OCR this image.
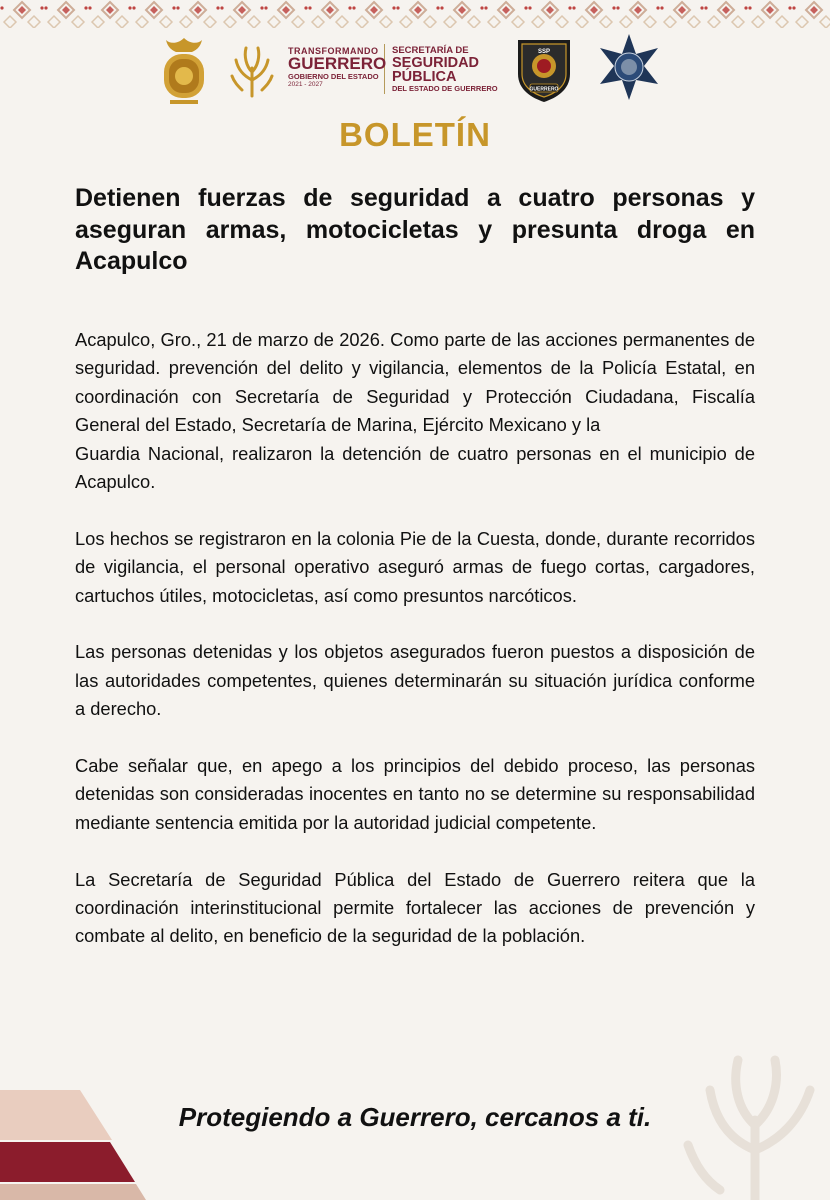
TRANSFORMANDO
GUERRERO
GOBIERNO DEL ESTADO
2021 - 2027
SECRETARÍA DE
SEGURIDAD
PÚBLICA
DEL ESTADO DE GUERRERO
SSP
GUERRERO
BOLETÍN
Detienen fuerzas de seguridad a cuatro personas y aseguran armas, motocicletas y presunta droga en Acapulco

Acapulco, Gro., 21 de marzo de 2026. Como parte de las acciones permanentes de seguridad. prevención del delito y vigilancia, elementos de la Policía Estatal, en coordinación con Secretaría de Seguridad y Protección Ciudadana, Fiscalía General del Estado, Secretaría de Marina, Ejército Mexicano y la
Guardia Nacional, realizaron la detención de cuatro personas en el municipio de Acapulco.

Los hechos se registraron en la colonia Pie de la Cuesta, donde, durante recorridos de vigilancia, el personal operativo aseguró armas de fuego cortas, cargadores, cartuchos útiles, motocicletas, así como presuntos narcóticos.

Las personas detenidas y los objetos asegurados fueron puestos a disposición de las autoridades competentes, quienes determinarán su situación jurídica conforme a derecho.

Cabe señalar que, en apego a los principios del debido proceso, las personas detenidas son consideradas inocentes en tanto no se determine su responsabilidad mediante sentencia emitida por la autoridad judicial competente.

La Secretaría de Seguridad Pública del Estado de Guerrero reitera que la coordinación interinstitucional permite fortalecer las acciones de prevención y combate al delito, en beneficio de la seguridad de la población.

Protegiendo a Guerrero, cercanos a ti.
